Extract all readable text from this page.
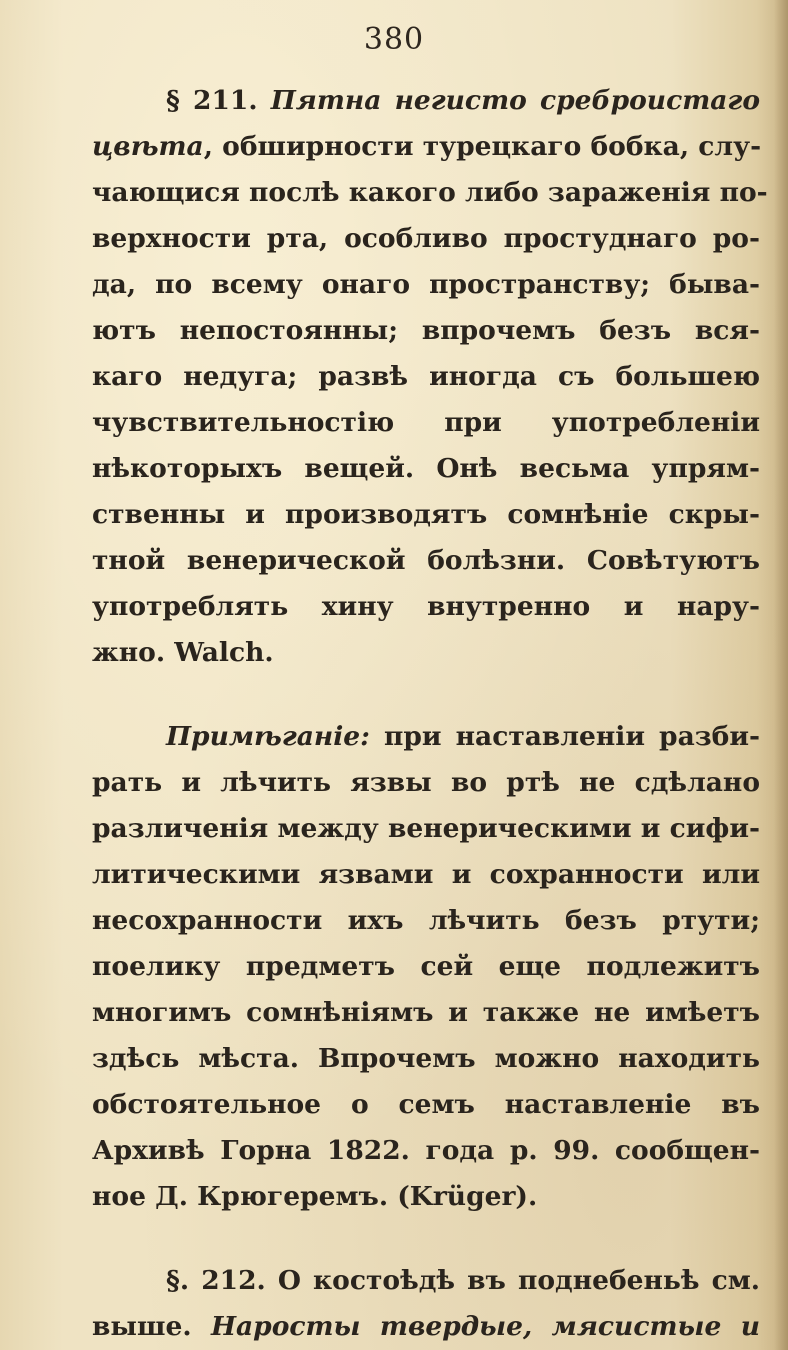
380
§ 211. Пятна негисто среброистаго
цвѣта, обширности турецкаго бобка, слу-
чающися послѣ какого либо зараженія по-
верхности рта, особливо простуднаго ро-
да, по всему онаго пространству; быва-
ютъ непостоянны; впрочемъ безъ вся-
каго недуга; развѣ иногда съ большею
чувствительностію при употребленіи
нѣкоторыхъ вещей. Онѣ весьма упрям-
ственны и производятъ сомнѣніе скры-
тной венерической болѣзни. Совѣтуютъ
употреблять хину внутренно и нару-
жно. Walch.
Примѣганіе: при наставленіи разби-
рать и лѣчить язвы во ртѣ не сдѣлано
различенія между венерическими и сифи-
литическими язвами и сохранности или
несохранности ихъ лѣчить безъ ртути;
поелику предметъ сей еще подлежитъ
многимъ сомнѣніямъ и также не имѣетъ
здѣсь мѣста. Впрочемъ можно находить
обстоятельное о семъ наставленіе въ
Архивѣ Горна 1822. года p. 99. сообщен-
ное Д. Крюгеремъ. (Krüger).
§. 212. О костоѣдѣ въ поднебеньѣ см.
выше. Наросты твердые, мясистые и
